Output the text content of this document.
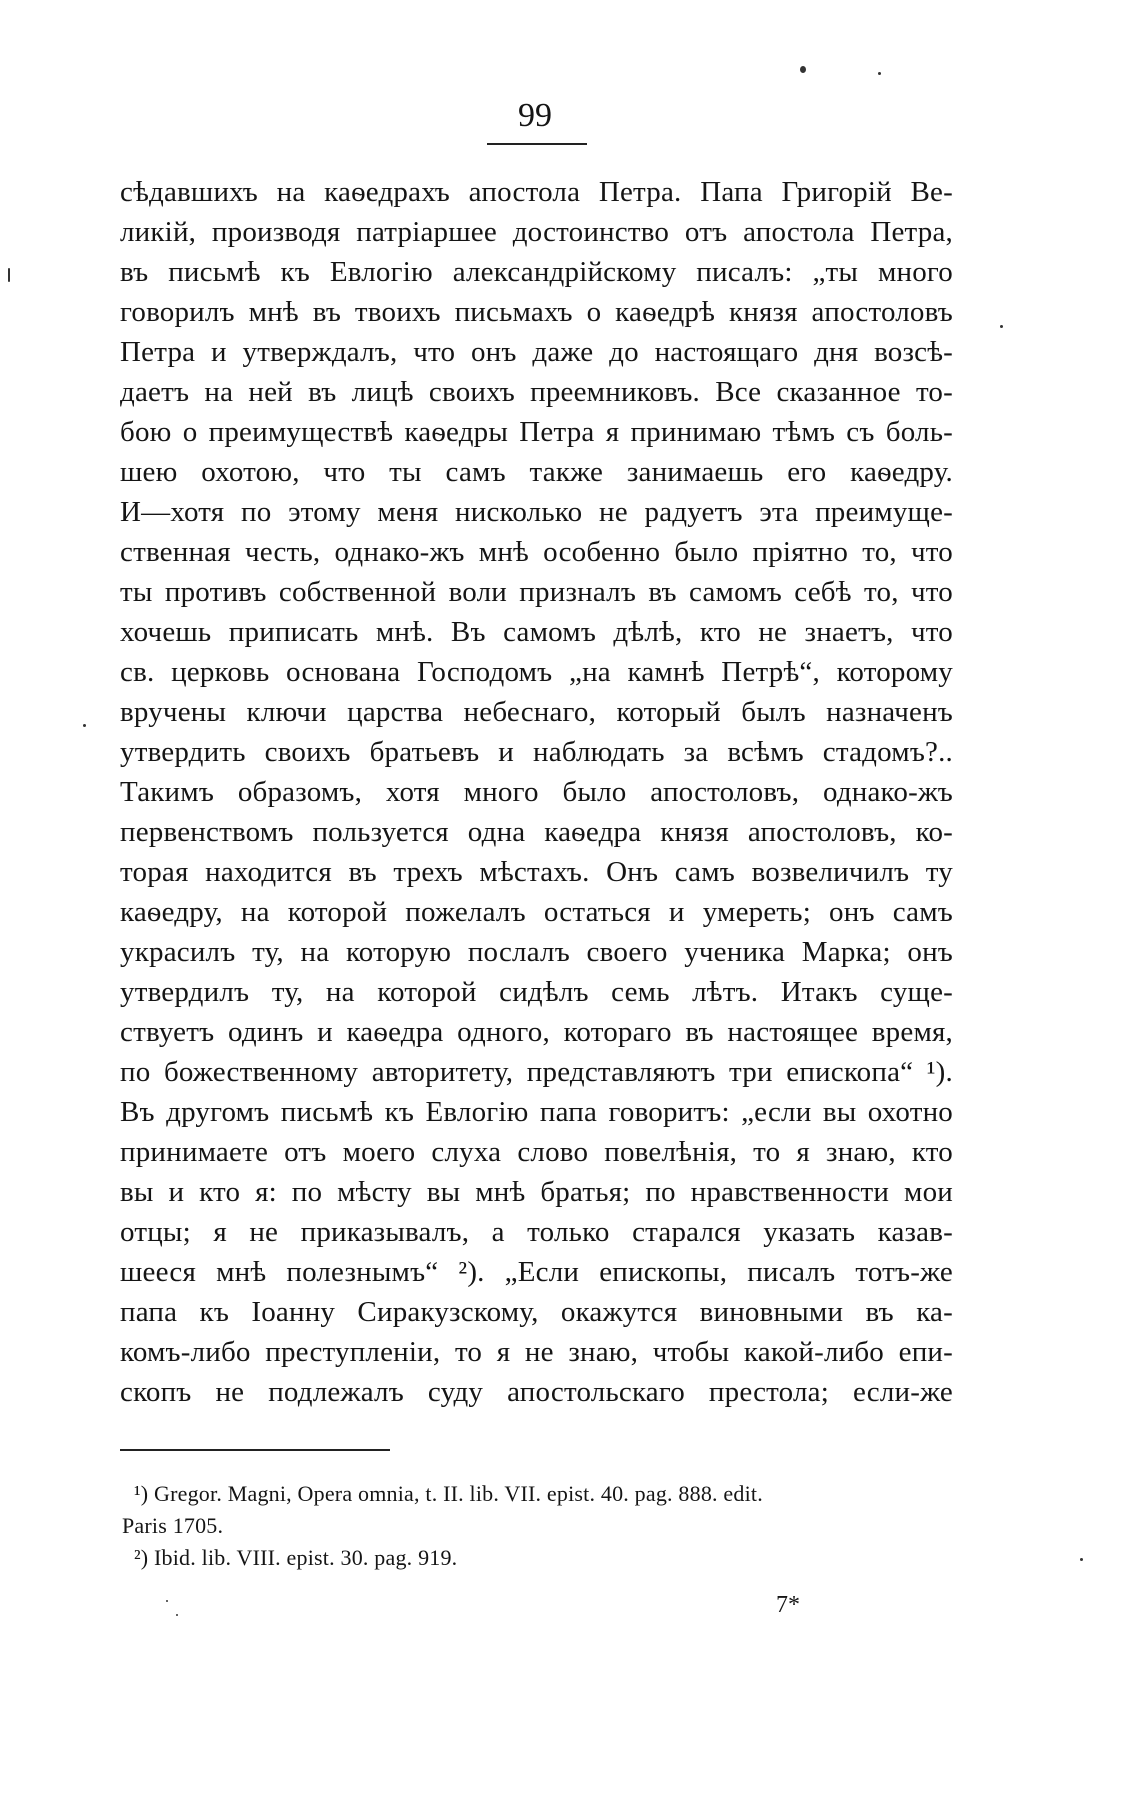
99
сѣдавшихъ на каѳедрахъ апостола Петра. Папа Григорій Ве-
ликій, производя патріаршее достоинство отъ апостола Петра,
въ письмѣ къ Евлогію александрійскому писалъ: „ты много
говорилъ мнѣ въ твоихъ письмахъ о каѳедрѣ князя апостоловъ
Петра и утверждалъ, что онъ даже до настоящаго дня возсѣ-
даетъ на ней въ лицѣ своихъ преемниковъ. Все сказанное то-
бою о преимуществѣ каѳедры Петра я принимаю тѣмъ съ боль-
шею охотою, что ты самъ также занимаешь его каѳедру.
И—хотя по этому меня нисколько не радуетъ эта преимуще-
ственная честь, однако-жъ мнѣ особенно было пріятно то, что
ты противъ собственной воли призналъ въ самомъ себѣ то, что
хочешь приписать мнѣ. Въ самомъ дѣлѣ, кто не знаетъ, что
св. церковь основана Господомъ „на камнѣ Петрѣ“, которому
вручены ключи царства небеснаго, который былъ назначенъ
утвердить своихъ братьевъ и наблюдать за всѣмъ стадомъ?..
Такимъ образомъ, хотя много было апостоловъ, однако-жъ
первенствомъ пользуется одна каѳедра князя апостоловъ, ко-
торая находится въ трехъ мѣстахъ. Онъ самъ возвеличилъ ту
каѳедру, на которой пожелалъ остаться и умереть; онъ самъ
украсилъ ту, на которую послалъ своего ученика Марка; онъ
утвердилъ ту, на которой сидѣлъ семь лѣтъ. Итакъ суще-
ствуетъ одинъ и каѳедра одного, котораго въ настоящее время,
по божественному авторитету, представляютъ три епископа“ ¹).
Въ другомъ письмѣ къ Евлогію папа говоритъ: „если вы охотно
принимаете отъ моего слуха слово повелѣнія, то я знаю, кто
вы и кто я: по мѣсту вы мнѣ братья; по нравственности мои
отцы; я не приказывалъ, а только старался указать казав-
шееся мнѣ полезнымъ“ ²). „Если епископы, писалъ тотъ-же
папа къ Іоанну Сиракузскому, окажутся виновными въ ка-
комъ-либо преступленіи, то я не знаю, чтобы какой-либо епи-
скопъ не подлежалъ суду апостольскаго престола; если-же
¹) Gregor. Magni, Opera omnia, t. II. lib. VII. epist. 40. pag. 888. edit.
Paris 1705.
²) Ibid. lib. VIII. epist. 30. pag. 919.
7*
